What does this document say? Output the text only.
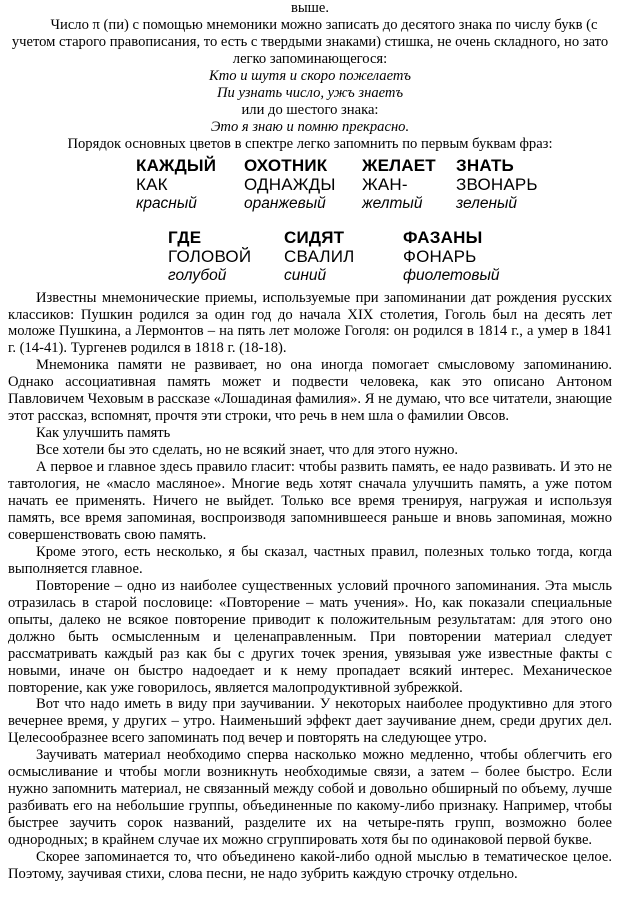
выше.

Число π (пи) с помощью мнемоники можно записать до десятого знака по числу букв (с учетом старого правописания, то есть с твердыми знаками) стишка, не очень складного, но зато легко запоминающегося:

Кто и шутя и скоро пожелаетъ

Пи узнать число, ужъ знаетъ

или до шестого знака:

Это я знаю и помню прекрасно.

Порядок основных цветов в спектре легко запомнить по первым буквам фраз:

КАЖДЫЙ
КАК
красный
ОХОТНИК
ОДНАЖДЫ
оранжевый
ЖЕЛАЕТ
ЖАН-
желтый
ЗНАТЬ
ЗВОНАРЬ
зеленый
ГДЕ
ГОЛОВОЙ
голубой
СИДЯТ
СВАЛИЛ
синий
ФАЗАНЫ
ФОНАРЬ
фиолетовый

Известны мнемонические приемы, используемые при запоминании дат рождения русских классиков: Пушкин родился за один год до начала XIX столетия, Гоголь был на десять лет моложе Пушкина, а Лермонтов – на пять лет моложе Гоголя: он родился в 1814 г., а умер в 1841 г. (14-41). Тургенев родился в 1818 г. (18-18).

Мнемоника памяти не развивает, но она иногда помогает смысловому запоминанию. Однако ассоциативная память может и подвести человека, как это описано Антоном Павловичем Чеховым в рассказе «Лошадиная фамилия». Я не думаю, что все читатели, знающие этот рассказ, вспомнят, прочтя эти строки, что речь в нем шла о фамилии Овсов.

Как улучшить память

Все хотели бы это сделать, но не всякий знает, что для этого нужно.

А первое и главное здесь правило гласит: чтобы развить память, ее надо развивать. И это не тавтология, не «масло масляное». Многие ведь хотят сначала улучшить память, а уже потом начать ее применять. Ничего не выйдет. Только все время тренируя, нагружая и используя память, все время запоминая, воспроизводя запомнившееся раньше и вновь запоминая, можно совершенствовать свою память.

Кроме этого, есть несколько, я бы сказал, частных правил, полезных только тогда, когда выполняется главное.

Повторение – одно из наиболее существенных условий прочного запоминания. Эта мысль отразилась в старой пословице: «Повторение – мать учения». Но, как показали специальные опыты, далеко не всякое повторение приводит к положительным результатам: для этого оно должно быть осмысленным и целенаправленным. При повторении материал следует рассматривать каждый раз как бы с других точек зрения, увязывая уже известные факты с новыми, иначе он быстро надоедает и к нему пропадает всякий интерес. Механическое повторение, как уже говорилось, является малопродуктивной зубрежкой.

Вот что надо иметь в виду при заучивании. У некоторых наиболее продуктивно для этого вечернее время, у других – утро. Наименьший эффект дает заучивание днем, среди других дел. Целесообразнее всего запоминать под вечер и повторять на следующее утро.

Заучивать материал необходимо сперва насколько можно медленно, чтобы облегчить его осмысливание и чтобы могли возникнуть необходимые связи, а затем – более быстро. Если нужно запомнить материал, не связанный между собой и довольно обширный по объему, лучше разбивать его на небольшие группы, объединенные по какому-либо признаку. Например, чтобы быстрее заучить сорок названий, разделите их на четыре-пять групп, возможно более однородных; в крайнем случае их можно сгруппировать хотя бы по одинаковой первой букве.

Скорее запоминается то, что объединено какой-либо одной мыслью в тематическое целое. Поэтому, заучивая стихи, слова песни, не надо зубрить каждую строчку отдельно.
